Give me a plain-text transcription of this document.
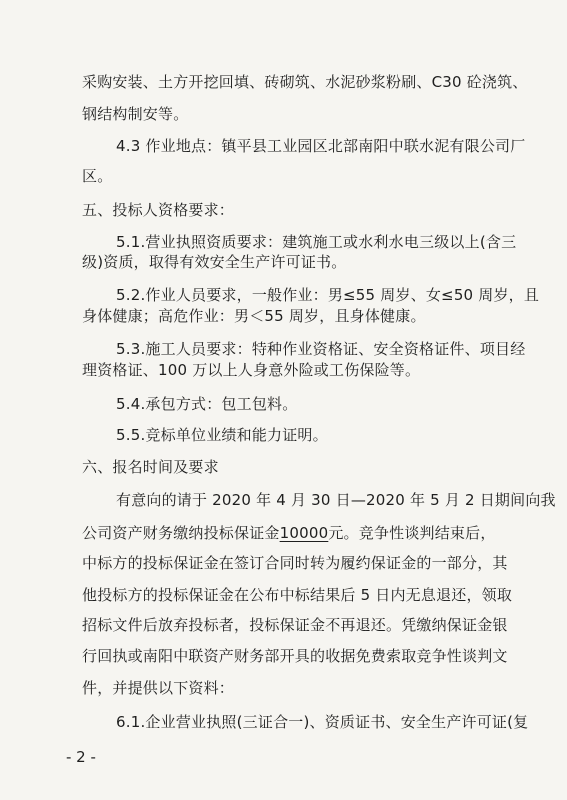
采购安装、土方开挖回填、砖砌筑、水泥砂浆粉刷、C30 砼浇筑、
钢结构制安等。
4.3 作业地点：镇平县工业园区北部南阳中联水泥有限公司厂
区。
五、投标人资格要求：
5.1.营业执照资质要求：建筑施工或水利水电三级以上(含三
级)资质，取得有效安全生产许可证书。
5.2.作业人员要求，一般作业：男≤55 周岁、女≤50 周岁，且
身体健康；高危作业：男＜55 周岁，且身体健康。
5.3.施工人员要求：特种作业资格证、安全资格证件、项目经
理资格证、100 万以上人身意外险或工伤保险等。
5.4.承包方式：包工包料。
5.5.竞标单位业绩和能力证明。
六、报名时间及要求
有意向的请于 2020 年 4 月 30 日—2020 年 5 月 2 日期间向我
公司资产财务缴纳投标保证金10000元。竞争性谈判结束后，
中标方的投标保证金在签订合同时转为履约保证金的一部分，其
他投标方的投标保证金在公布中标结果后 5 日内无息退还，领取
招标文件后放弃投标者，投标保证金不再退还。凭缴纳保证金银
行回执或南阳中联资产财务部开具的收据免费索取竞争性谈判文
件，并提供以下资料：
6.1.企业营业执照(三证合一)、资质证书、安全生产许可证(复
- 2 -
